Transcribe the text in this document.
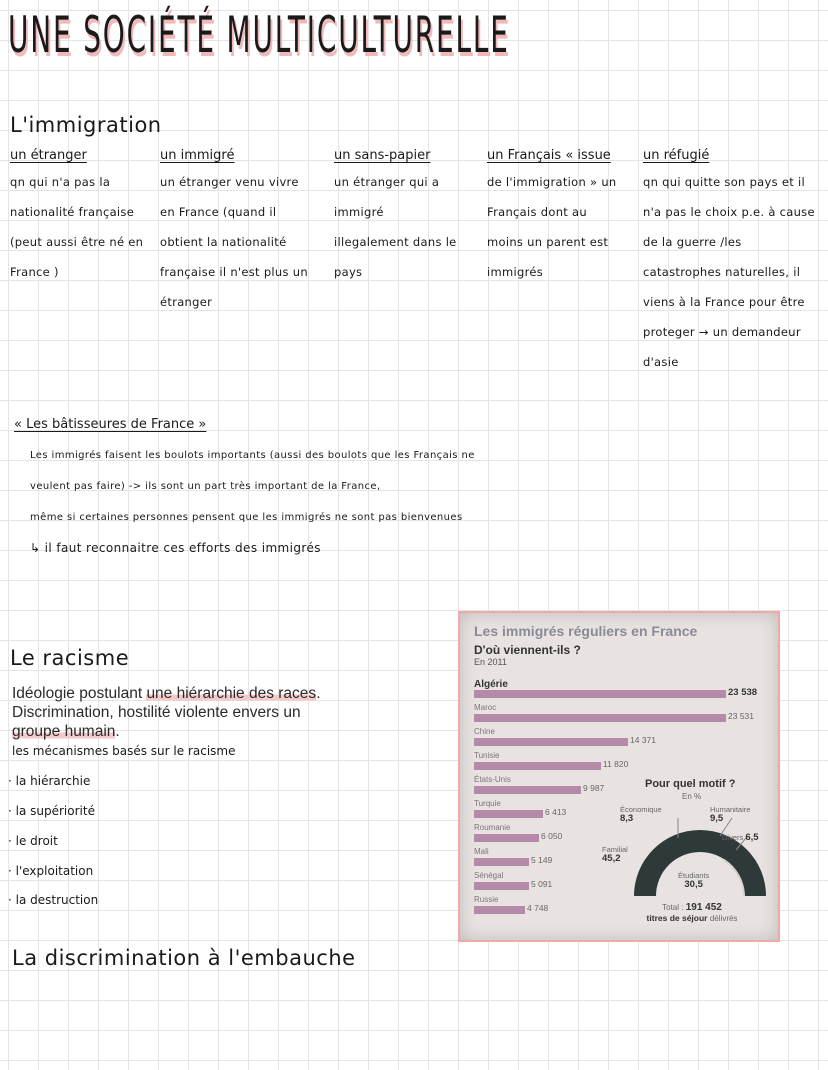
UNE SOCIÉTÉ MULTICULTURELLE
L'immigration
un étranger
qn qui n'a pas la nationalité française (peut aussi être né en France )
un immigré
un étranger venu vivre en France (quand il obtient la nationalité française il n'est plus un étranger
un sans-papier
un étranger qui a immigré illegalement dans le pays
un Français « issue
de l'immigration » un Français dont au moins un parent est immigrés
un réfugié
qn qui quitte son pays et il n'a pas le choix p.e. à cause de la guerre /les catastrophes naturelles, il viens à la France pour être proteger → un demandeur d'asie
« Les bâtisseures de France »
Les immigrés faisent les boulots importants (aussi des boulots que les Français ne
veulent pas faire) -> ils sont un part très important de la France,
même si certaines personnes pensent que les immigrés ne sont pas bienvenues
↳ il faut reconnaitre ces efforts des immigrés
Le racisme
Idéologie postulant une hiérarchie des races.
Discrimination, hostilité violente envers un
groupe humain.
les mécanismes basés sur le racisme
· la hiérarchie
· la supériorité
· le droit
· l'exploitation
· la destruction
La discrimination à l'embauche
Les immigrés réguliers en France
D'où viennent-ils ?
En 2011
Algérie
23 538
Maroc
23 531
Chine
14 371
Tunisie
11 820
États-Unis
9 987
Turquie
6 413
Roumanie
6 050
Mali
5 149
Sénégal
5 091
Russie
4 748
Pour quel motif ?
En %
Économique
8,3
Humanitaire
9,5
Divers 6,5
Familial
45,2
Étudiants
30,5
Total : 191 452
titres de séjour délivrés
